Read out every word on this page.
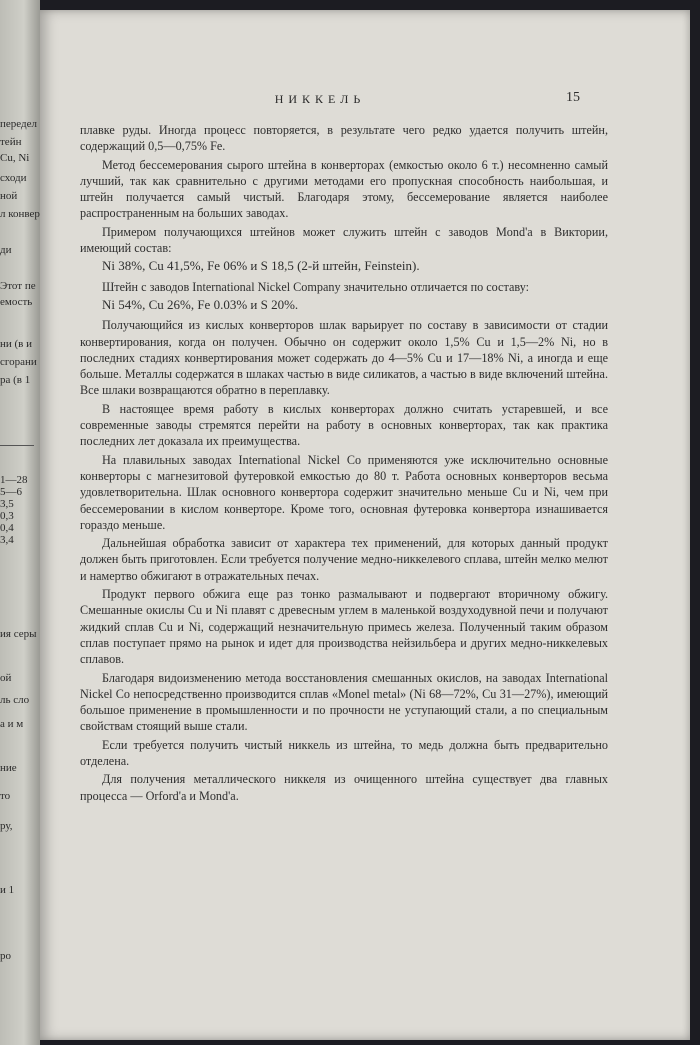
передел
тейн
Cu, Ni
сходи
ной
л конвер
ди
Этот пе
емость
ни (в и
сгорани
ра (в 1
1—28
5—6
3,5
0,3
0,4
3,4
ия серы
ой
ль сло
а и м
ние
то
ру,
и 1
ро
НИККЕЛЬ	15

плавке руды. Иногда процесс повторяется, в результате чего редко удается получить штейн, содержащий 0,5—0,75% Fe.

Метод бессемерования сырого штейна в конверторах (емкостью около 6 т.) несомненно самый лучший, так как сравнительно с другими методами его пропускная способность наибольшая, и штейн получается самый чистый. Благодаря этому, бессемерование является наиболее распространенным на больших заводах.

Примером получающихся штейнов может служить штейн с заводов Mond'а в Виктории, имеющий состав:

Ni 38%, Cu 41,5%, Fe 06% и S 18,5 (2-й штейн, Feinstein).

Штейн с заводов International Nickel Company значительно отличается по составу:

Ni 54%, Cu 26%, Fe 0.03% и S 20%.

Получающийся из кислых конверторов шлак варьирует по составу в зависимости от стадии конвертирования, когда он получен. Обычно он содержит около 1,5% Cu и 1,5—2% Ni, но в последних стадиях конвертирования может содержать до 4—5% Cu и 17—18% Ni, а иногда и еще больше. Металлы содержатся в шлаках частью в виде силикатов, а частью в виде включений штейна. Все шлаки возвращаются обратно в переплавку.

В настоящее время работу в кислых конверторах должно считать устаревшей, и все современные заводы стремятся перейти на работу в основных конверторах, так как практика последних лет доказала их преимущества.

На плавильных заводах International Nickel Co применяются уже исключительно основные конверторы с магнезитовой футеровкой емкостью до 80 т. Работа основных конверторов весьма удовлетворительна. Шлак основного конвертора содержит значительно меньше Cu и Ni, чем при бессемеровании в кислом конверторе. Кроме того, основная футеровка конвертора изнашивается гораздо меньше.

Дальнейшая обработка зависит от характера тех применений, для которых данный продукт должен быть приготовлен. Если требуется получение медно-никкелевого сплава, штейн мелко мелют и намертво обжигают в отражательных печах.

Продукт первого обжига еще раз тонко размалывают и подвергают вторичному обжигу. Смешанные окислы Cu и Ni плавят с древесным углем в маленькой воздуходувной печи и получают жидкий сплав Cu и Ni, содержащий незначительную примесь железа. Полученный таким образом сплав поступает прямо на рынок и идет для производства нейзильбера и других медно-никкелевых сплавов.

Благодаря видоизменению метода восстановления смешанных окислов, на заводах International Nickel Co непосредственно производится сплав «Monel metal» (Ni 68—72%, Cu 31—27%), имеющий большое применение в промышленности и по прочности не уступающий стали, а по специальным свойствам стоящий выше стали.

Если требуется получить чистый никкель из штейна, то медь должна быть предварительно отделена.

Для получения металлического никкеля из очищенного штейна существует два главных процесса — Orford'а и Mond'а.
